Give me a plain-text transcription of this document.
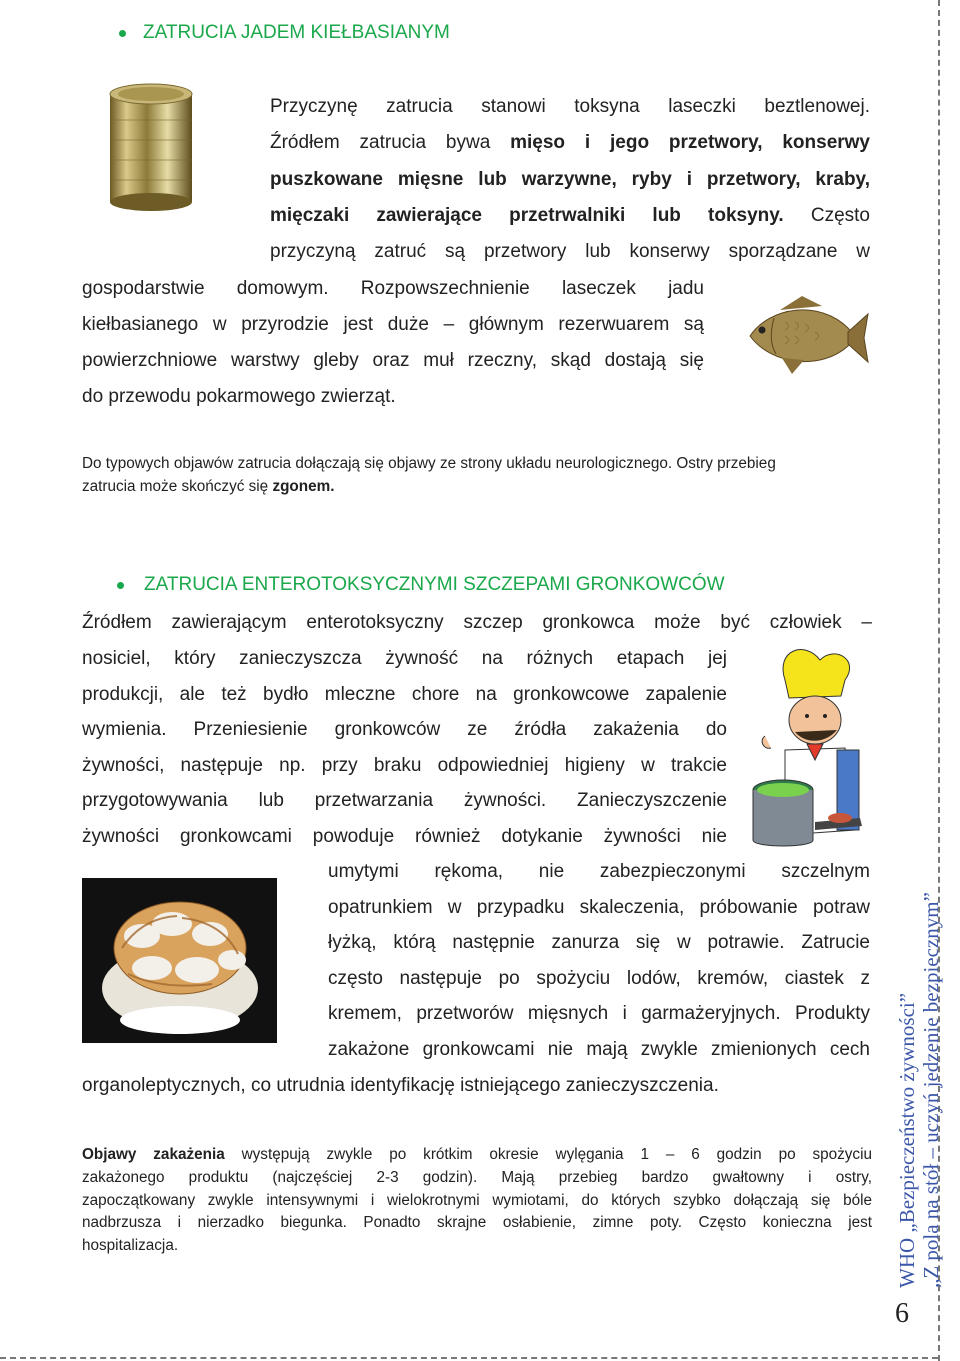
ZATRUCIA JADEM KIEŁBASIANYM
Przyczynę zatrucia stanowi toksyna laseczki beztlenowej.
Źródłem zatrucia bywa mięso i jego przetwory, konserwy
puszkowane mięsne lub warzywne, ryby i przetwory, kraby,
mięczaki zawierające przetrwalniki lub toksyny. Często
przyczyną zatruć są przetwory lub konserwy sporządzane w
gospodarstwie domowym. Rozpowszechnienie laseczek jadu
kiełbasianego w przyrodzie jest duże – głównym rezerwuarem są
powierzchniowe warstwy gleby oraz muł rzeczny, skąd dostają się
do przewodu pokarmowego zwierząt.
Do typowych objawów zatrucia dołączają się objawy ze strony układu neurologicznego. Ostry przebieg
zatrucia może skończyć się zgonem.
ZATRUCIA ENTEROTOKSYCZNYMI SZCZEPAMI GRONKOWCÓW
Źródłem zawierającym enterotoksyczny szczep gronkowca może być człowiek –
nosiciel, który zanieczyszcza żywność na różnych etapach jej
produkcji, ale też bydło mleczne chore na gronkowcowe zapalenie
wymienia. Przeniesienie gronkowców ze źródła zakażenia do
żywności, następuje np. przy braku odpowiedniej higieny w trakcie
przygotowywania lub przetwarzania żywności. Zanieczyszczenie
żywności gronkowcami powoduje również dotykanie żywności nie
umytymi rękoma, nie zabezpieczonymi szczelnym
opatrunkiem w przypadku skaleczenia, próbowanie potraw
łyżką, którą następnie zanurza się w potrawie. Zatrucie
często następuje po spożyciu lodów, kremów, ciastek z
kremem, przetworów mięsnych i garmażeryjnych. Produkty
zakażone gronkowcami nie mają zwykle zmienionych cech
organoleptycznych, co utrudnia identyfikację istniejącego zanieczyszczenia.
Objawy zakażenia występują zwykle po krótkim okresie wylęgania 1 – 6 godzin po spożyciu
zakażonego produktu (najczęściej 2-3 godzin). Mają przebieg bardzo gwałtowny i ostry,
zapoczątkowany zwykle intensywnymi i wielokrotnymi wymiotami, do których szybko dołączają się bóle
nadbrzusza i nierzadko biegunka. Ponadto skrajne osłabienie, zimne poty. Często konieczna jest
hospitalizacja.	WHO „Bezpieczeństwo żywności” „Z pola na stół – uczyń jedzenie bezpiecznym”
6
